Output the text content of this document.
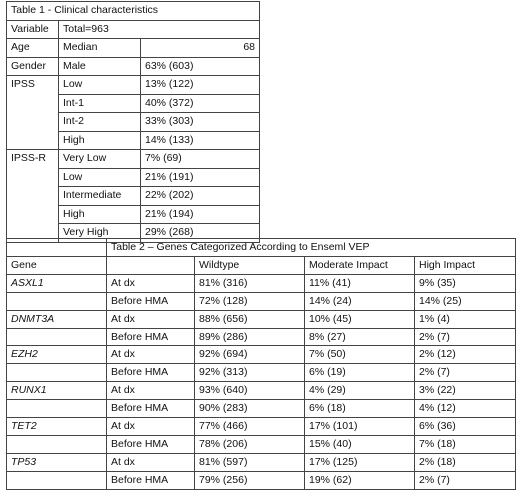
Table 1 - Clinical characteristics		
Variable	Total=963	
Age	Median	68
Gender	Male	63% (603)
IPSS	Low	13% (122)
	Int-1	40% (372)
	Int-2	33% (303)
	High	14% (133)
IPSS-R	Very Low	7% (69)
	Low	21% (191)
	Intermediate	22% (202)
	High	21% (194)
	Very High	29% (268)
	Table 2 – Genes Categorized According to Enseml VEP			
Gene		Wildtype	Moderate Impact	High Impact
ASXL1	At dx	81% (316)	11% (41)	9% (35)
	Before HMA	72% (128)	14% (24)	14% (25)
DNMT3A	At dx	88% (656)	10% (45)	1% (4)
	Before HMA	89% (286)	8% (27)	2% (7)
EZH2	At dx	92% (694)	7% (50)	2% (12)
	Before HMA	92% (313)	6% (19)	2% (7)
RUNX1	At dx	93% (640)	4% (29)	3% (22)
	Before HMA	90% (283)	6% (18)	4% (12)
TET2	At dx	77% (466)	17% (101)	6% (36)
	Before HMA	78% (206)	15% (40)	7% (18)
TP53	At dx	81% (597)	17% (125)	2% (18)
	Before HMA	79% (256)	19% (62)	2% (7)
